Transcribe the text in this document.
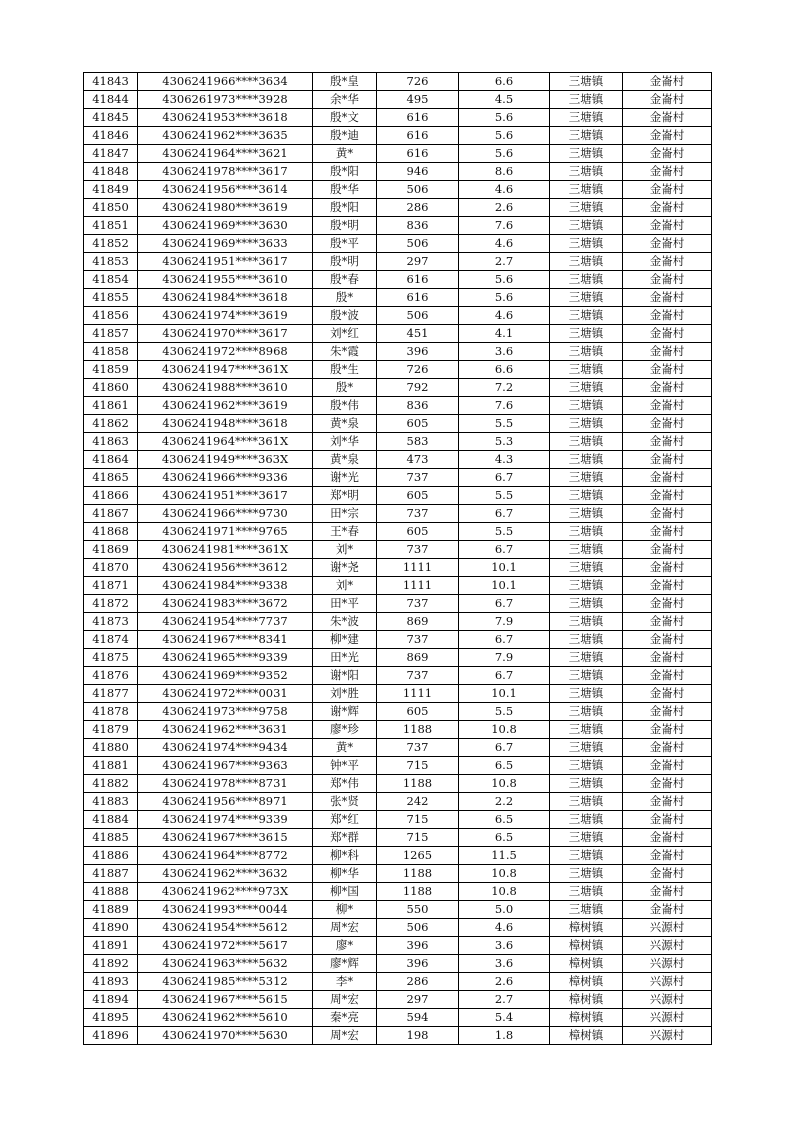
41843	4306241966****3634	殷*皇	726	6.6	三塘镇	金崙村
41844	4306261973****3928	余*华	495	4.5	三塘镇	金崙村
41845	4306241953****3618	殷*文	616	5.6	三塘镇	金崙村
41846	4306241962****3635	殷*迪	616	5.6	三塘镇	金崙村
41847	4306241964****3621	黄*	616	5.6	三塘镇	金崙村
41848	4306241978****3617	殷*阳	946	8.6	三塘镇	金崙村
41849	4306241956****3614	殷*华	506	4.6	三塘镇	金崙村
41850	4306241980****3619	殷*阳	286	2.6	三塘镇	金崙村
41851	4306241969****3630	殷*明	836	7.6	三塘镇	金崙村
41852	4306241969****3633	殷*平	506	4.6	三塘镇	金崙村
41853	4306241951****3617	殷*明	297	2.7	三塘镇	金崙村
41854	4306241955****3610	殷*春	616	5.6	三塘镇	金崙村
41855	4306241984****3618	殷*	616	5.6	三塘镇	金崙村
41856	4306241974****3619	殷*波	506	4.6	三塘镇	金崙村
41857	4306241970****3617	刘*红	451	4.1	三塘镇	金崙村
41858	4306241972****8968	朱*霞	396	3.6	三塘镇	金崙村
41859	4306241947****361X	殷*生	726	6.6	三塘镇	金崙村
41860	4306241988****3610	殷*	792	7.2	三塘镇	金崙村
41861	4306241962****3619	殷*伟	836	7.6	三塘镇	金崙村
41862	4306241948****3618	黄*泉	605	5.5	三塘镇	金崙村
41863	4306241964****361X	刘*华	583	5.3	三塘镇	金崙村
41864	4306241949****363X	黄*泉	473	4.3	三塘镇	金崙村
41865	4306241966****9336	谢*光	737	6.7	三塘镇	金崙村
41866	4306241951****3617	郑*明	605	5.5	三塘镇	金崙村
41867	4306241966****9730	田*宗	737	6.7	三塘镇	金崙村
41868	4306241971****9765	王*春	605	5.5	三塘镇	金崙村
41869	4306241981****361X	刘*	737	6.7	三塘镇	金崙村
41870	4306241956****3612	谢*尧	1111	10.1	三塘镇	金崙村
41871	4306241984****9338	刘*	1111	10.1	三塘镇	金崙村
41872	4306241983****3672	田*平	737	6.7	三塘镇	金崙村
41873	4306241954****7737	朱*波	869	7.9	三塘镇	金崙村
41874	4306241967****8341	柳*建	737	6.7	三塘镇	金崙村
41875	4306241965****9339	田*光	869	7.9	三塘镇	金崙村
41876	4306241969****9352	谢*阳	737	6.7	三塘镇	金崙村
41877	4306241972****0031	刘*胜	1111	10.1	三塘镇	金崙村
41878	4306241973****9758	谢*辉	605	5.5	三塘镇	金崙村
41879	4306241962****3631	廖*珍	1188	10.8	三塘镇	金崙村
41880	4306241974****9434	黄*	737	6.7	三塘镇	金崙村
41881	4306241967****9363	钟*平	715	6.5	三塘镇	金崙村
41882	4306241978****8731	郑*伟	1188	10.8	三塘镇	金崙村
41883	4306241956****8971	张*贤	242	2.2	三塘镇	金崙村
41884	4306241974****9339	郑*红	715	6.5	三塘镇	金崙村
41885	4306241967****3615	郑*群	715	6.5	三塘镇	金崙村
41886	4306241964****8772	柳*科	1265	11.5	三塘镇	金崙村
41887	4306241962****3632	柳*华	1188	10.8	三塘镇	金崙村
41888	4306241962****973X	柳*国	1188	10.8	三塘镇	金崙村
41889	4306241993****0044	柳*	550	5.0	三塘镇	金崙村
41890	4306241954****5612	周*宏	506	4.6	樟树镇	兴源村
41891	4306241972****5617	廖*	396	3.6	樟树镇	兴源村
41892	4306241963****5632	廖*辉	396	3.6	樟树镇	兴源村
41893	4306241985****5312	李*	286	2.6	樟树镇	兴源村
41894	4306241967****5615	周*宏	297	2.7	樟树镇	兴源村
41895	4306241962****5610	秦*亮	594	5.4	樟树镇	兴源村
41896	4306241970****5630	周*宏	198	1.8	樟树镇	兴源村
